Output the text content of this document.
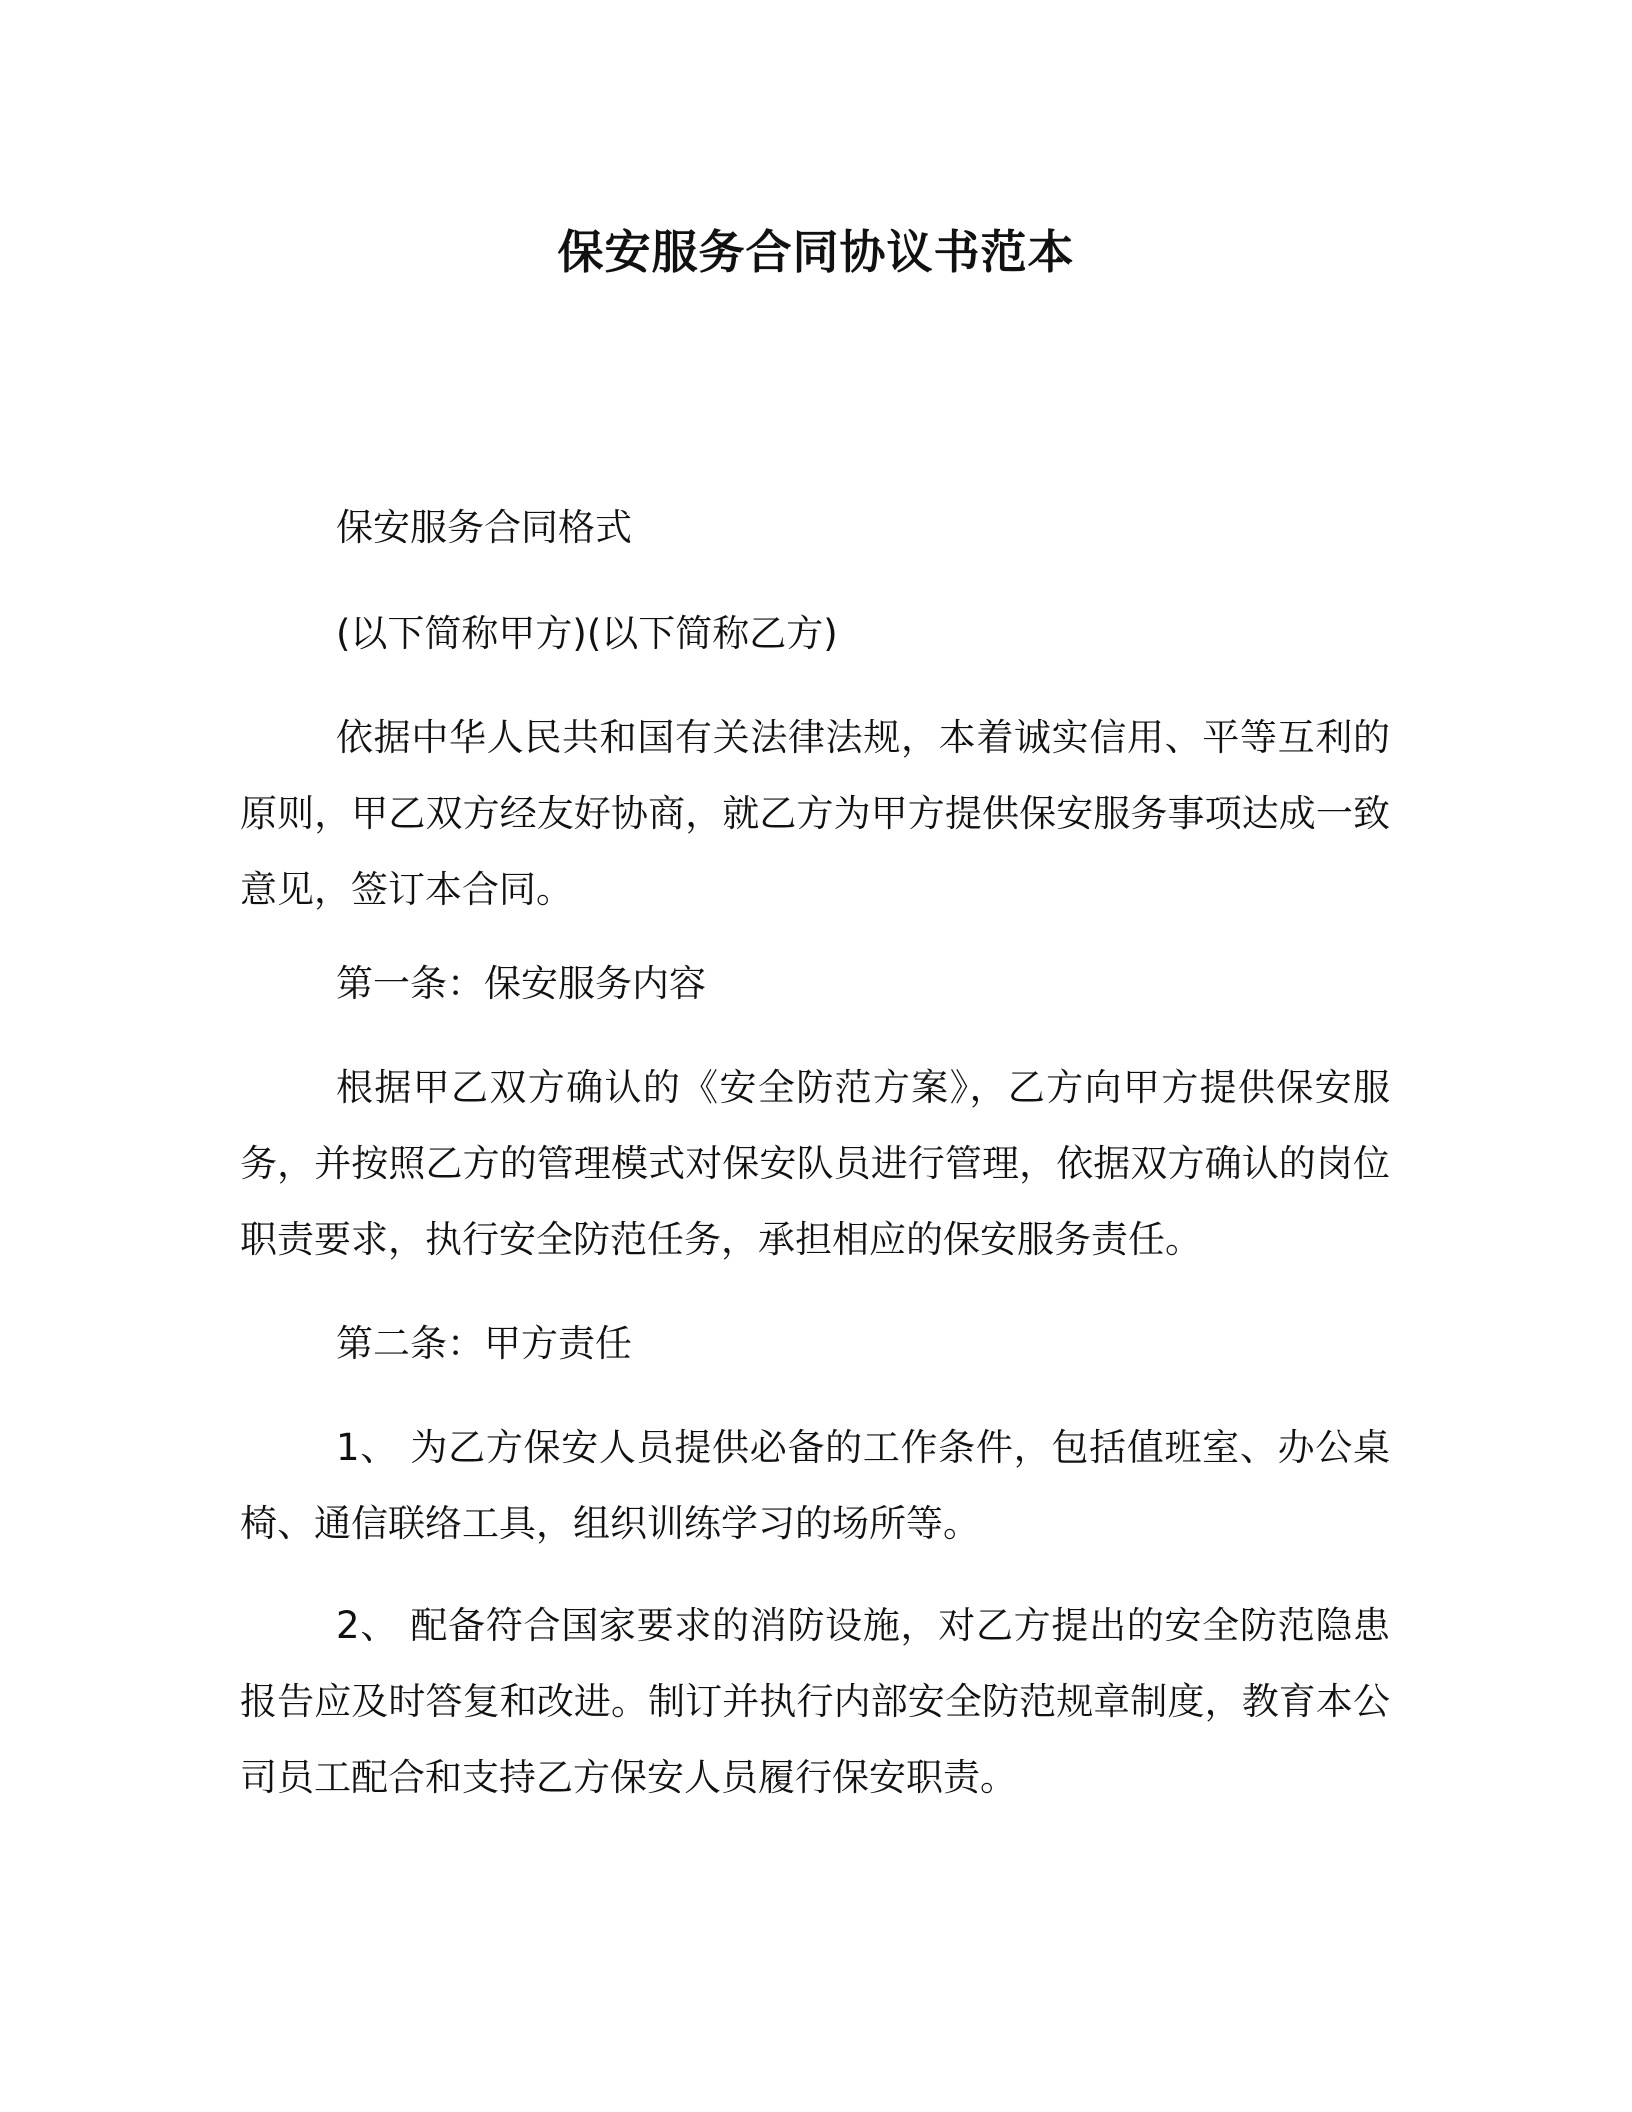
保安服务合同协议书范本

保安服务合同格式

(以下简称甲方)(以下简称乙方)

依据中华人民共和国有关法律法规，本着诚实信用、平等互利的原则，甲乙双方经友好协商，就乙方为甲方提供保安服务事项达成一致意见，签订本合同。

第一条：保安服务内容

根据甲乙双方确认的《安全防范方案》，乙方向甲方提供保安服务，并按照乙方的管理模式对保安队员进行管理，依据双方确认的岗位职责要求，执行安全防范任务，承担相应的保安服务责任。

第二条：甲方责任

1、 为乙方保安人员提供必备的工作条件，包括值班室、办公桌椅、通信联络工具，组织训练学习的场所等。

2、 配备符合国家要求的消防设施，对乙方提出的安全防范隐患报告应及时答复和改进。制订并执行内部安全防范规章制度，教育本公司员工配合和支持乙方保安人员履行保安职责。
